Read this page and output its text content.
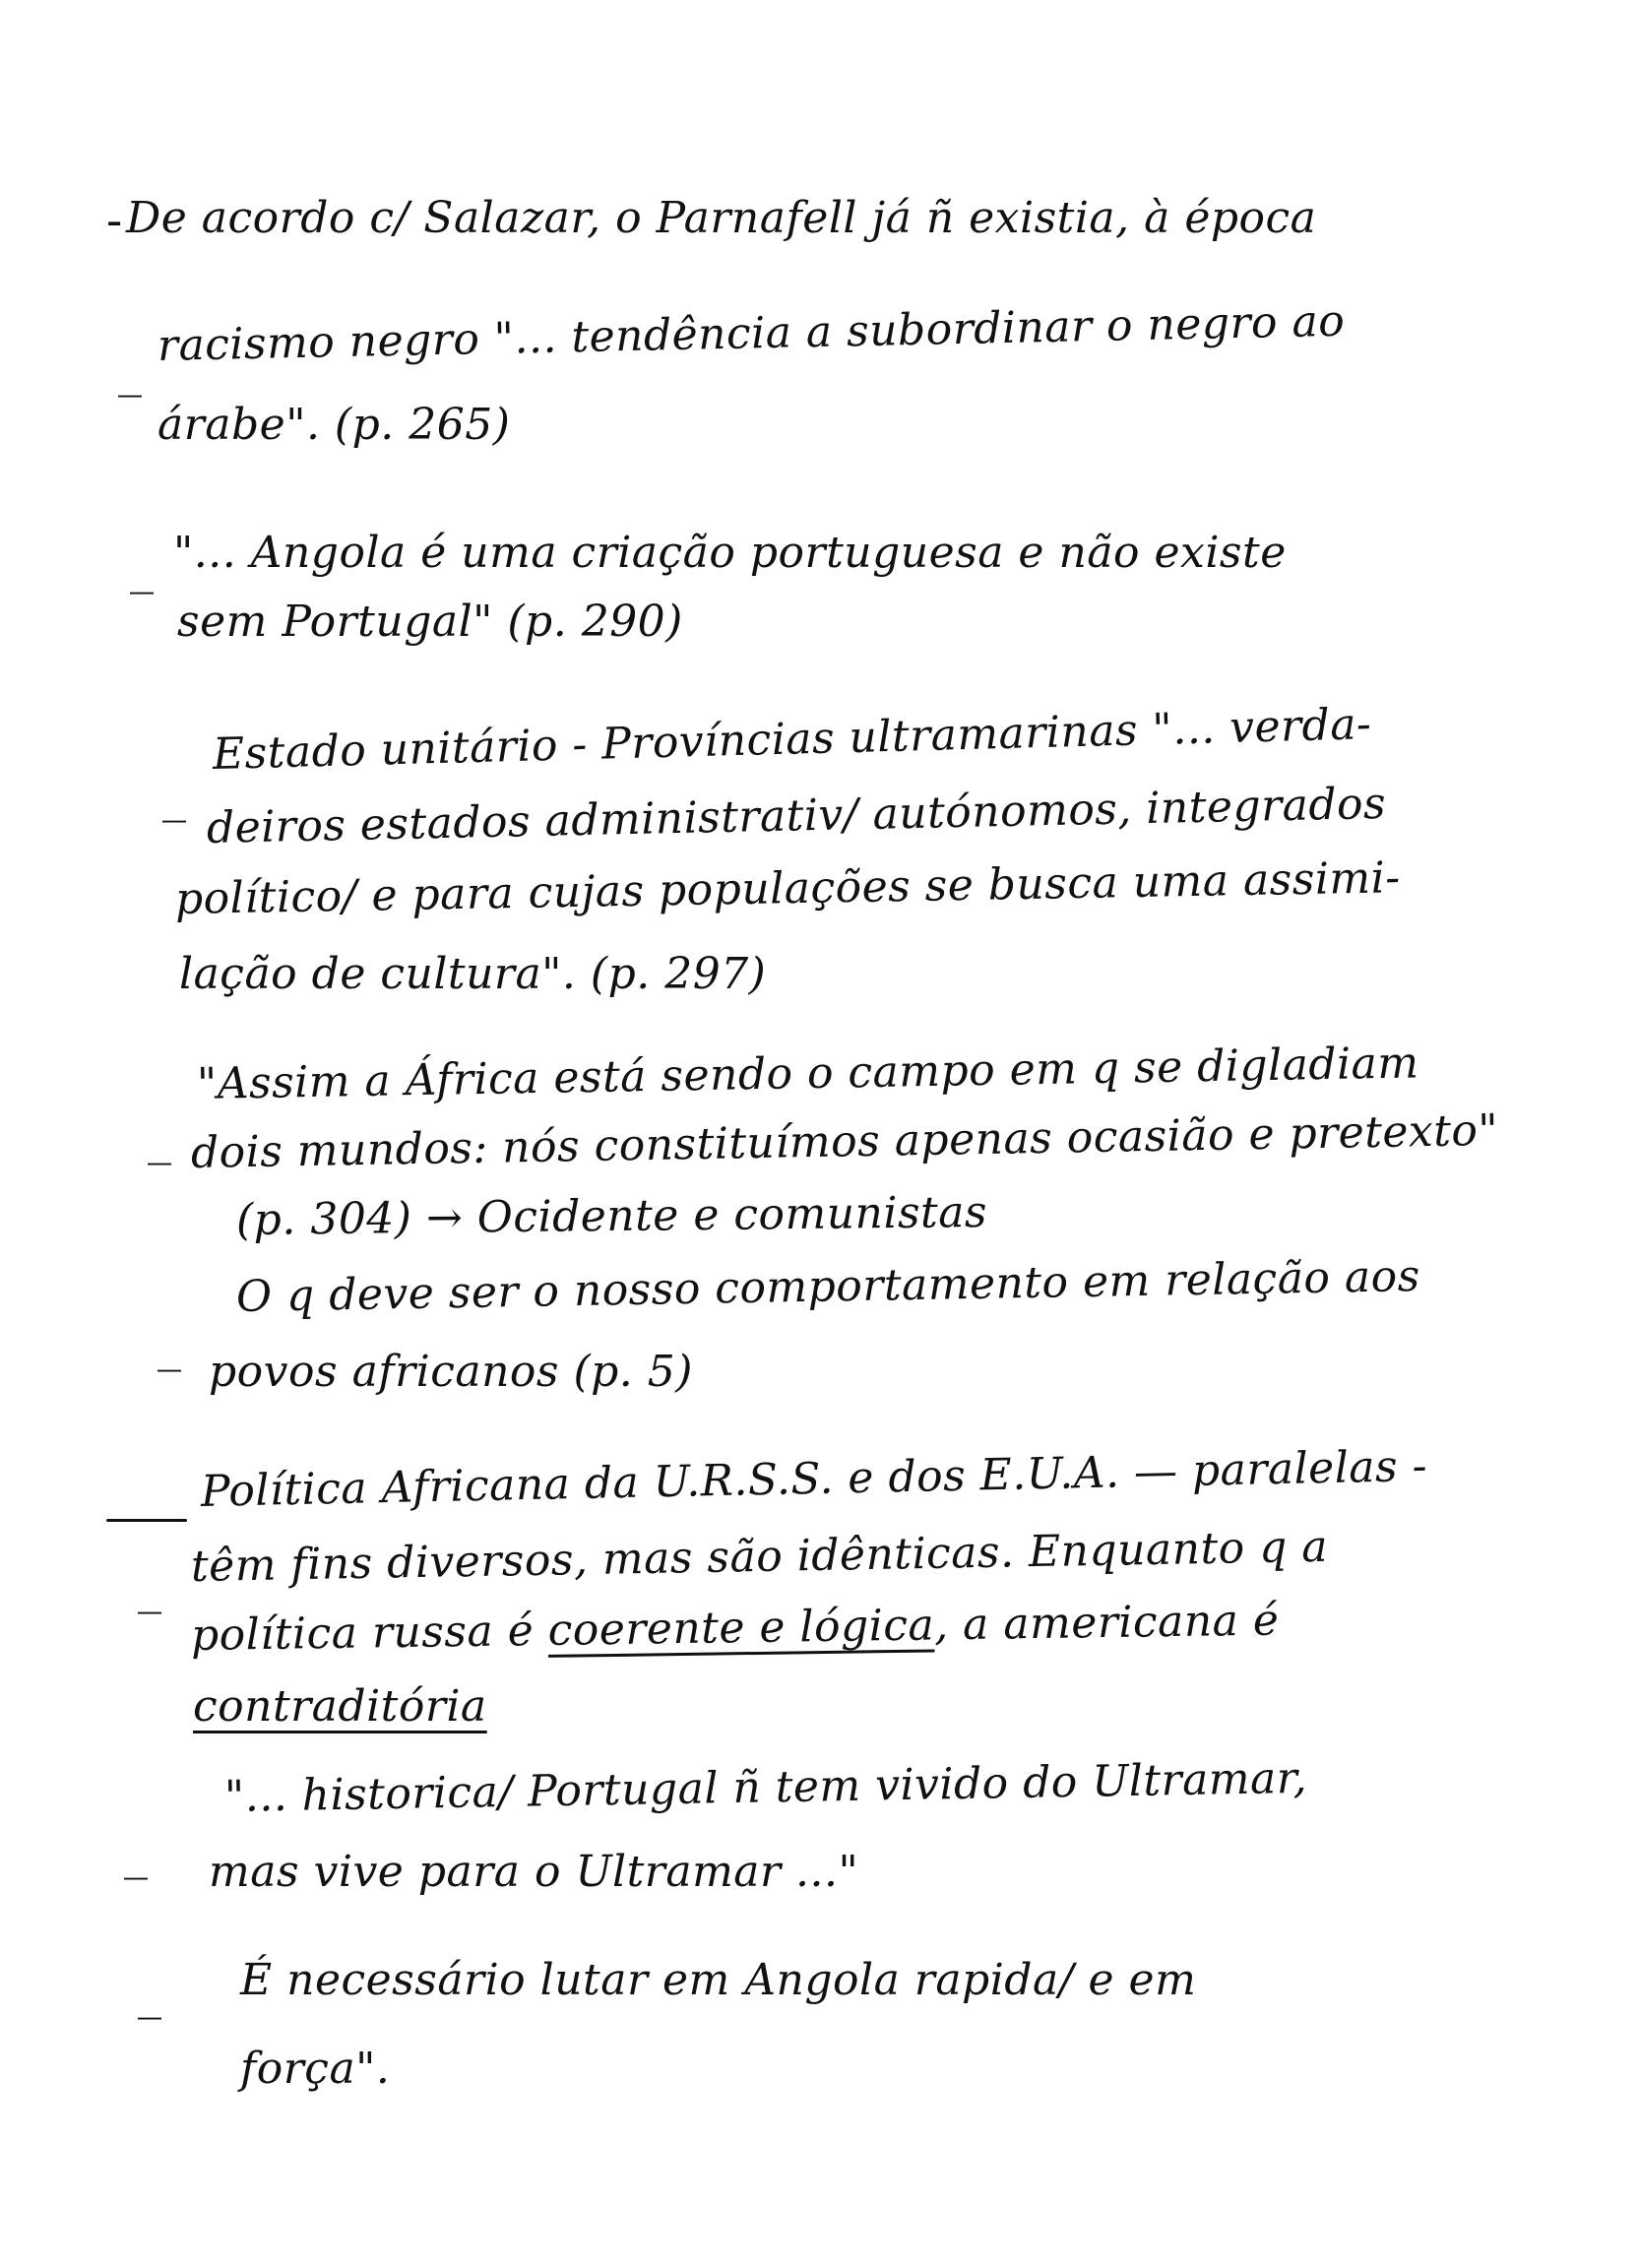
- De acordo c/ Salazar, o Parnafell já ñ existia, à época
_ racismo negro "... tendência a subordinar o negro ao
árabe". (p. 265)
_ "... Angola é uma criação portuguesa e não existe
sem Portugal" (p. 290)
_
Estado unitário - Províncias ultramarinas "... verda-
deiros estados administrativ/ autónomos, integrados
político/ e para cujas populações se busca uma assimi-
lação de cultura". (p. 297)
_
"Assim a África está sendo o campo em q se digladiam
dois mundos: nós constituímos apenas ocasião e pretexto"
(p. 304) → Ocidente e comunistas
_
O q deve ser o nosso comportamento em relação aos
povos africanos (p. 5)
_
Política Africana da U.R.S.S. e dos E.U.A. — paralelas -
têm fins diversos, mas são idênticas. Enquanto q a
política russa é coerente e lógica, a americana é
contraditória
_
"... historica/ Portugal ñ tem vivido do Ultramar,
mas vive para o Ultramar ..."
_ É necessário lutar em Angola rapida/ e em
força".
